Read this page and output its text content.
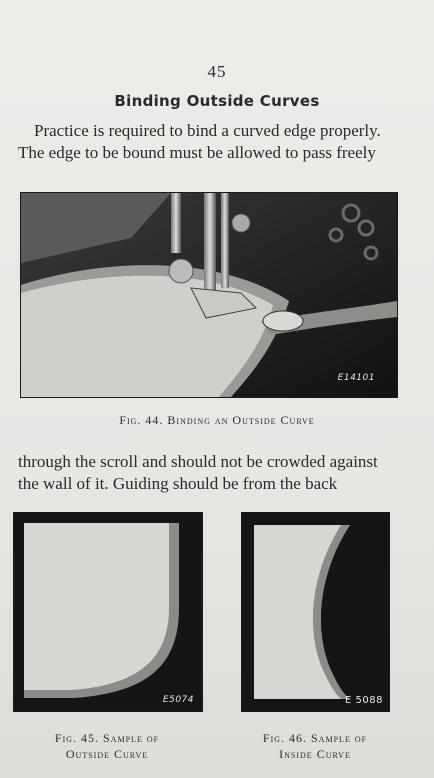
45
Binding Outside Curves
Practice is required to bind a curved edge properly.
The edge to be bound must be allowed to pass freely
E14101
Fig. 44. Binding an Outside Curve
through the scroll and should not be crowded against
the wall of it. Guiding should be from the back
E5074
Fig. 45. Sample of
Outside Curve
E 5088
Fig. 46. Sample of
Inside Curve
